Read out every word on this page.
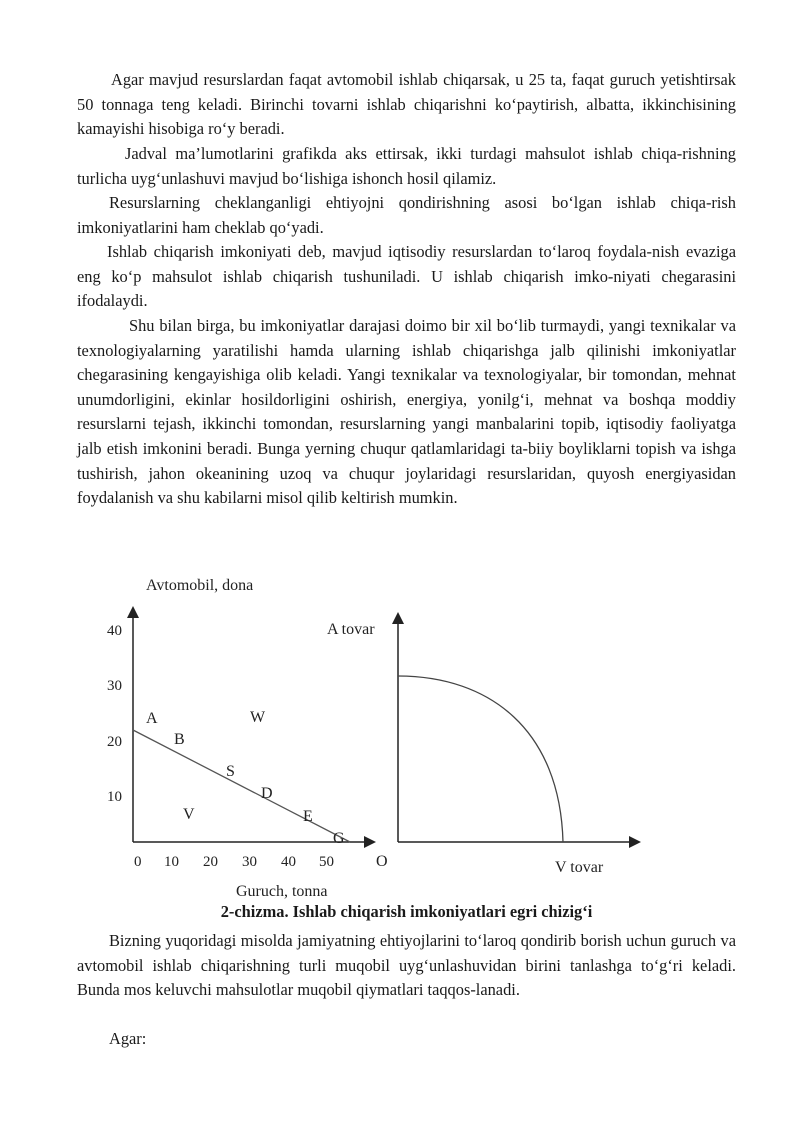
Agar mavjud resurslardan faqat avtomobil ishlab chiqarsak, u 25 ta, faqat guruch yetishtirsak 50 tonnaga teng keladi. Birinchi tovarni ishlab chiqarishni ko‘paytirish, albatta, ikkinchisining kamayishi hisobiga ro‘y beradi.

Jadval ma’lumotlarini grafikda aks ettirsak, ikki turdagi mahsulot ishlab chiqa-rishning turlicha uyg‘unlashuvi mavjud bo‘lishiga ishonch hosil qilamiz.

Resurslarning cheklanganligi ehtiyojni qondirishning asosi bo‘lgan ishlab chiqa-rish imkoniyatlarini ham cheklab qo‘yadi.

Ishlab chiqarish imkoniyati deb, mavjud iqtisodiy resurslardan to‘laroq foydala-nish evaziga eng ko‘p mahsulot ishlab chiqarish tushuniladi. U ishlab chiqarish imko-niyati chegarasini ifodalaydi.

Shu bilan birga, bu imkoniyatlar darajasi doimo bir xil bo‘lib turmaydi, yangi texnikalar va texnologiyalarning yaratilishi hamda ularning ishlab chiqarishga jalb qilinishi imkoniyatlar chegarasining kengayishiga olib keladi. Yangi texnikalar va texnologiyalar, bir tomondan, mehnat unumdorligini, ekinlar hosildorligini oshirish, energiya, yonilg‘i, mehnat va boshqa moddiy resurslarni tejash, ikkinchi tomondan, resurslarning yangi manbalarini topib, iqtisodiy faoliyatga jalb etish imkonini beradi. Bunga yerning chuqur qatlamlaridagi ta-biiy boyliklarni topish va ishga tushirish, jahon okeanining uzoq va chuqur joylaridagi resurslaridan, quyosh energiyasidan foydalanish va shu kabilarni misol qilib keltirish mumkin.

Avtomobil, dona
40
30
20
10
0 10 20 30 40 50
A
B
D
E
G
W
S
V
Guruch, tonna
A tovar
O	V tovar
2-chizma. Ishlab chiqarish imkoniyatlari egri chizig‘i

Bizning yuqoridagi misolda jamiyatning ehtiyojlarini to‘laroq qondirib borish uchun guruch va avtomobil ishlab chiqarishning turli muqobil uyg‘unlashuvidan birini tanlashga to‘g‘ri keladi. Bunda mos keluvchi mahsulotlar muqobil qiymatlari taqqos-lanadi.

Agar:
